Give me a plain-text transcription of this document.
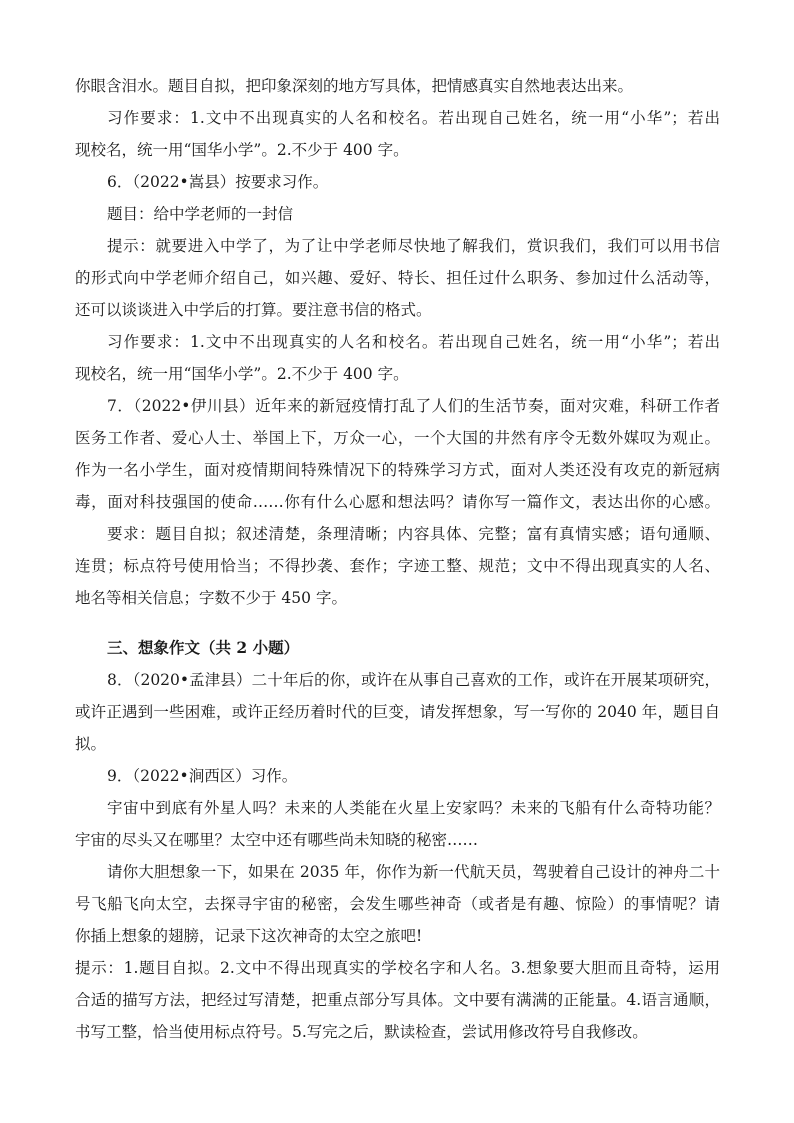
你眼含泪水。题目自拟，把印象深刻的地方写具体，把情感真实自然地表达出来。
习作要求：1.文中不出现真实的人名和校名。若出现自己姓名，统一用“小华”；若出
现校名，统一用“国华小学”。2.不少于 400 字。
6．（2022•嵩县）按要求习作。
题目：给中学老师的一封信
提示：就要进入中学了，为了让中学老师尽快地了解我们，赏识我们，我们可以用书信
的形式向中学老师介绍自己，如兴趣、爱好、特长、担任过什么职务、参加过什么活动等，
还可以谈谈进入中学后的打算。要注意书信的格式。
习作要求：1.文中不出现真实的人名和校名。若出现自己姓名，统一用“小华”；若出
现校名，统一用“国华小学”。2.不少于 400 字。
7．（2022•伊川县）近年来的新冠疫情打乱了人们的生活节奏，面对灾难，科研工作者
医务工作者、爱心人士、举国上下，万众一心，一个大国的井然有序令无数外媒叹为观止。
作为一名小学生，面对疫情期间特殊情况下的特殊学习方式，面对人类还没有攻克的新冠病
毒，面对科技强国的使命……你有什么心愿和想法吗？请你写一篇作文，表达出你的心感。
要求：题目自拟；叙述清楚，条理清晰；内容具体、完整；富有真情实感；语句通顺、
连贯；标点符号使用恰当；不得抄袭、套作；字迹工整、规范；文中不得出现真实的人名、
地名等相关信息；字数不少于 450 字。
三、想象作文（共 2 小题）
8．（2020•孟津县）二十年后的你，或许在从事自己喜欢的工作，或许在开展某项研究，
或许正遇到一些困难，或许正经历着时代的巨变，请发挥想象，写一写你的 2040 年，题目自
拟。
9．（2022•涧西区）习作。
宇宙中到底有外星人吗？未来的人类能在火星上安家吗？未来的飞船有什么奇特功能？
宇宙的尽头又在哪里？太空中还有哪些尚未知晓的秘密……
请你大胆想象一下，如果在 2035 年，你作为新一代航天员，驾驶着自己设计的神舟二十
号飞船飞向太空，去探寻宇宙的秘密，会发生哪些神奇（或者是有趣、惊险）的事情呢？请
你插上想象的翅膀，记录下这次神奇的太空之旅吧!
提示：1.题目自拟。2.文中不得出现真实的学校名字和人名。3.想象要大胆而且奇特，运用
合适的描写方法，把经过写清楚，把重点部分写具体。文中要有满满的正能量。4.语言通顺，
书写工整，恰当使用标点符号。5.写完之后，默读检查，尝试用修改符号自我修改。
